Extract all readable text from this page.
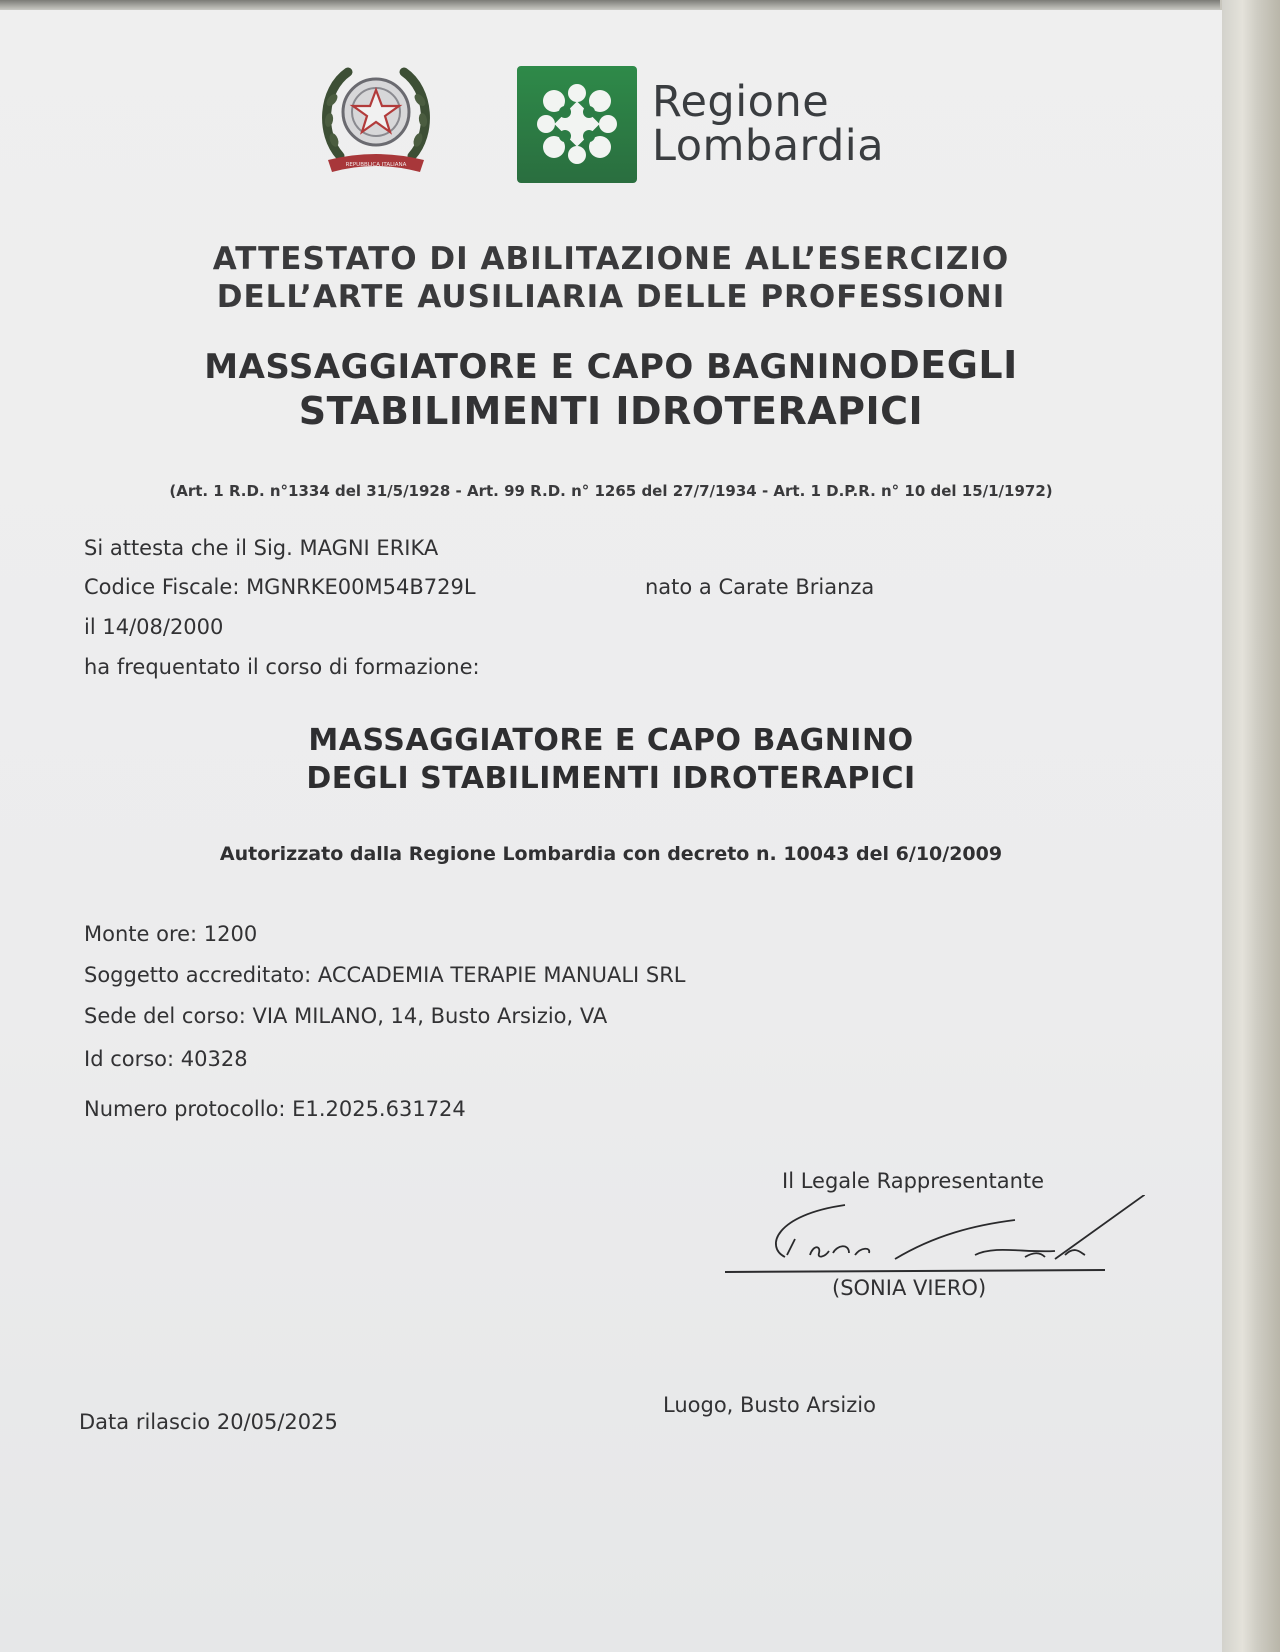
REPUBBLICA ITALIANA
Regione
Lombardia
ATTESTATO DI ABILITAZIONE ALL’ESERCIZIO
DELL’ARTE AUSILIARIA DELLE PROFESSIONI
MASSAGGIATORE E CAPO BAGNINODEGLI
STABILIMENTI IDROTERAPICI
(Art. 1 R.D. n°1334 del 31/5/1928 - Art. 99 R.D. n° 1265 del 27/7/1934 - Art. 1 D.P.R. n° 10 del 15/1/1972)
Si attesta che il Sig. MAGNI ERIKA
Codice Fiscale: MGNRKE00M54B729L	nato a Carate Brianza
il 14/08/2000
ha frequentato il corso di formazione:
MASSAGGIATORE E CAPO BAGNINO
DEGLI STABILIMENTI IDROTERAPICI
Autorizzato dalla Regione Lombardia con decreto n. 10043 del 6/10/2009
Monte ore: 1200
Soggetto accreditato: ACCADEMIA TERAPIE MANUALI SRL
Sede del corso: VIA MILANO, 14, Busto Arsizio, VA
Id corso: 40328
Numero protocollo: E1.2025.631724
Il Legale Rappresentante
(SONIA VIERO)
Data rilascio 20/05/2025
Luogo, Busto Arsizio
